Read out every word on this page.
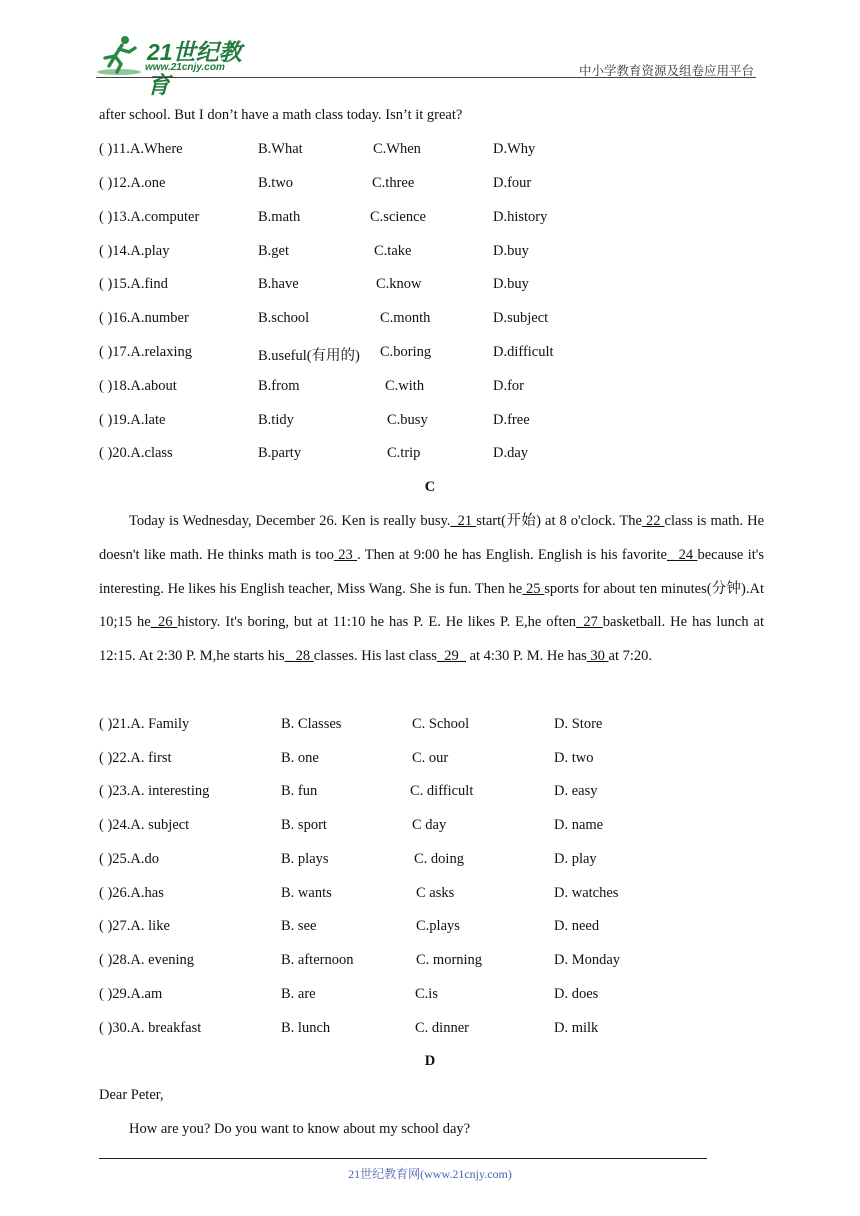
21世纪教育
www.21cnjy.com	中小学教育资源及组卷应用平台
after school. But I don’t have a math class today. Isn’t it great?
( )11.A.Where	B.What	C.When	D.Why
( )12.A.one	B.two	C.three	D.four
( )13.A.computer	B.math	C.science	D.history
( )14.A.play	B.get	C.take	D.buy
( )15.A.find	B.have	C.know	D.buy
( )16.A.number	B.school	C.month	D.subject
( )17.A.relaxing	B.useful(有用的) C.boring	D.difficult
( )18.A.about	B.from	C.with	D.for
( )19.A.late	B.tidy	C.busy	D.free
( )20.A.class	B.party	C.trip	D.day
C
Today is Wednesday, December 26. Ken is really busy._21 start(开始) at 8 o'clock. The 22 class is math. He doesn't like math. He thinks math is too 23 . Then at 9:00 he has English. English is his favorite_ 24 because it's interesting. He likes his English teacher, Miss Wang. She is fun. Then he 25 sports for about ten minutes(分钟).At 10;15 he_26 history. It's boring, but at 11:10 he has P. E. He likes P. E,he often_27 basketball. He has lunch at 12:15. At 2:30 P. M,he starts his_ 28 classes. His last class_29_ at 4:30 P. M. He has 30 at 7:20.
( )21.A. Family	B. Classes	C. School	D. Store
( )22.A. first	B. one	C. our	D. two
( )23.A. interesting	B. fun	C. difficult	D. easy
( )24.A. subject	B. sport	C day	D. name
( )25.A.do	B. plays	C. doing	D. play
( )26.A.has	B. wants	C asks	D. watches
( )27.A. like	B. see	C.plays	D. need
( )28.A. evening	B. afternoon	C. morning	D. Monday
( )29.A.am	B. are	C.is	D. does
( )30.A. breakfast	B. lunch	C. dinner	D. milk
D
Dear Peter,
How are you? Do you want to know about my school day?
21世纪教育网(www.21cnjy.com)
